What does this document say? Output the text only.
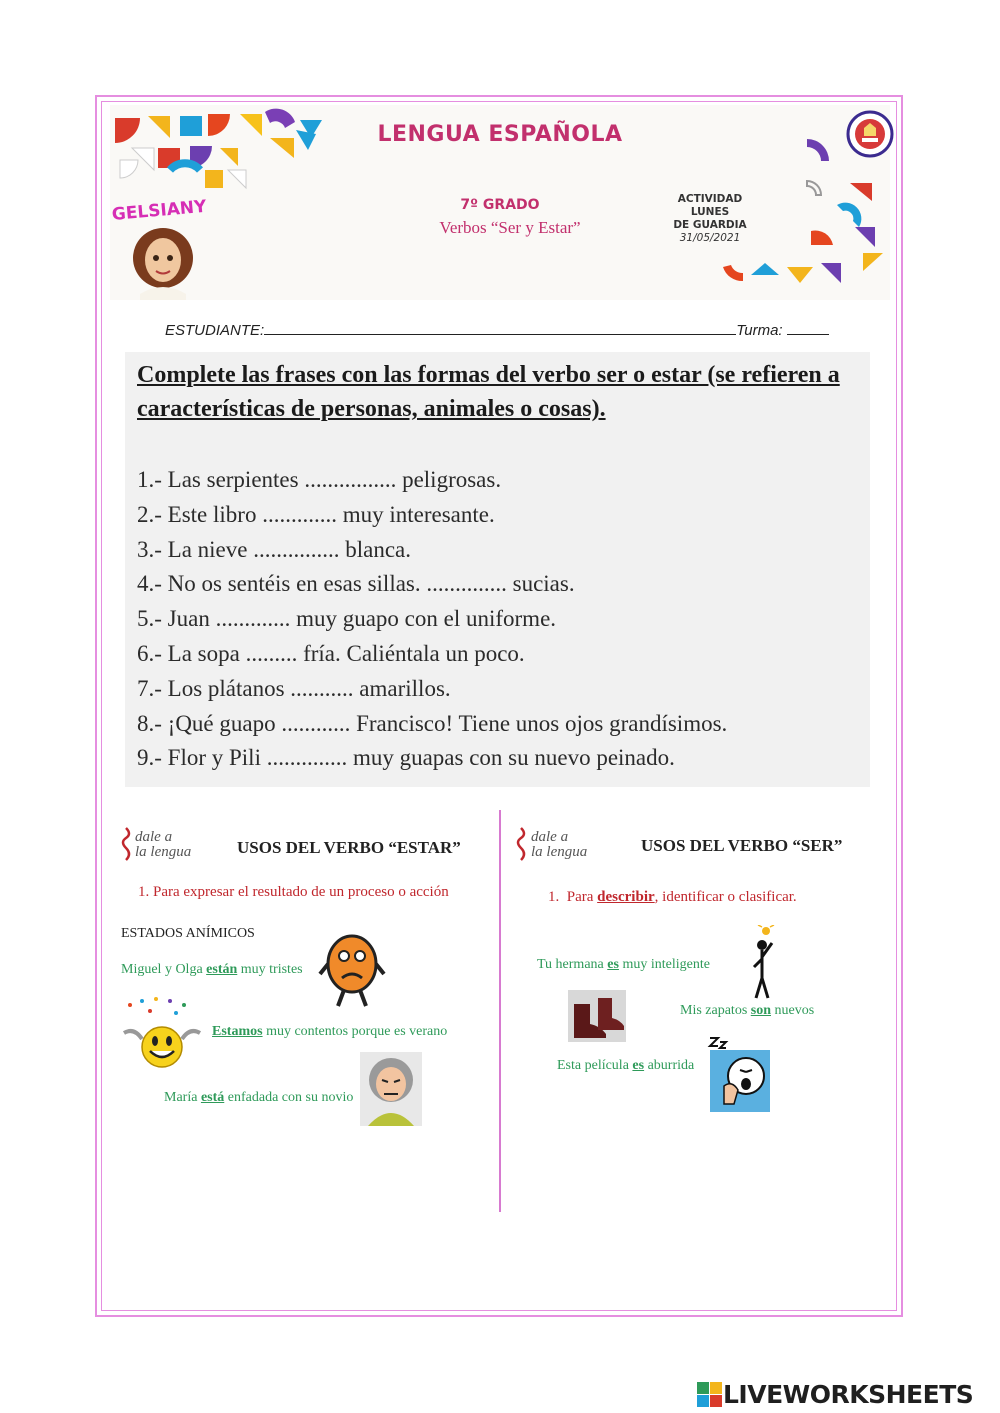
GELSIANY
LENGUA ESPAÑOLA
7º GRADO
Verbos “Ser y Estar”
ACTIVIDAD
LUNES
DE GUARDIA
31/05/2021
ESTUDIANTE:	Turma:
Complete las frases con las formas del verbo ser o estar (se refieren a características de personas, animales o cosas).
1.- Las serpientes ................ peligrosas.
2.- Este libro ............. muy interesante.
3.- La nieve ............... blanca.
4.- No os sentéis en esas sillas. .............. sucias.
5.- Juan ............. muy guapo con el uniforme.
6.- La sopa ......... fría. Caliéntala un poco.
7.- Los plátanos ........... amarillos.
8.- ¡Qué guapo ............ Francisco! Tiene unos ojos grandísimos.
9.- Flor y Pili .............. muy guapas con su nuevo peinado.
dale a
la lengua	USOS DEL VERBO “ESTAR”
1. Para expresar el resultado de un proceso o acción
ESTADOS ANÍMICOS
Miguel y Olga están muy tristes
Estamos muy contentos porque es verano
María está enfadada con su novio
dale a
la lengua	USOS DEL VERBO “SER”
1. Para describir, identificar o clasificar.
Tu hermana es muy inteligente
Mis zapatos son nuevos
Esta película es aburrida
LIVEWORKSHEETS
